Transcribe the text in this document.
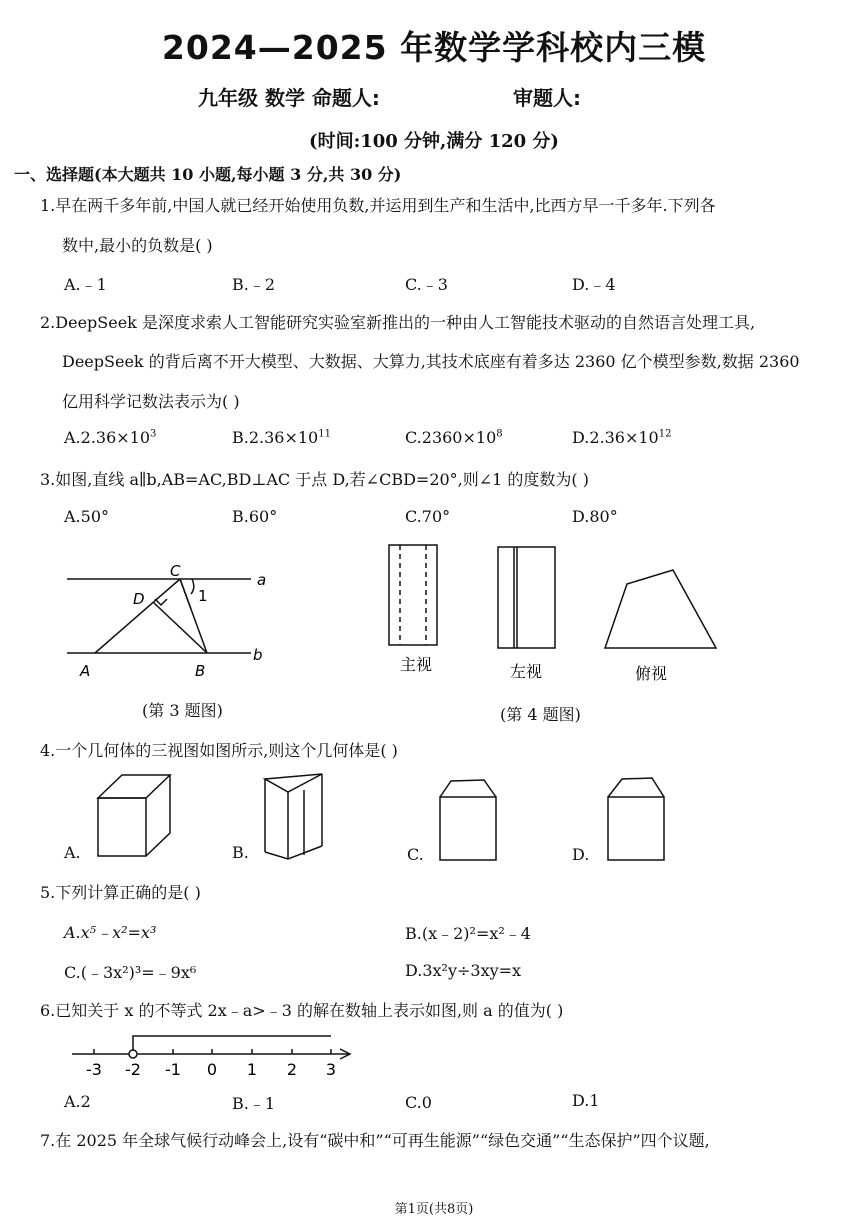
2024—2025 年数学学科校内三模
九年级 数学 命题人:	审题人:
(时间:100 分钟,满分 120 分)
一、选择题(本大题共 10 小题,每小题 3 分,共 30 分)
1.早在两千多年前,中国人就已经开始使用负数,并运用到生产和生活中,比西方早一千多年.下列各
数中,最小的负数是( )
A.﹣1	B.﹣2	C.﹣3	D.﹣4
2.DeepSeek 是深度求索人工智能研究实验室新推出的一种由人工智能技术驱动的自然语言处理工具,
DeepSeek 的背后离不开大模型、大数据、大算力,其技术底座有着多达 2360 亿个模型参数,数据 2360
亿用科学记数法表示为( )
$A.2.36\times 10^3$	$B.2.36\times 10^{11}$	$C.2360\times 10^8$	$D.2.36\times 10^{12}$
3.如图,直线 a∥b,AB=AC,BD⊥AC 于点 D,若∠CBD=20°,则∠1 的度数为( )
A.50°	B.60°	C.70°	D.80°
C
D
a
1
A	B
b
(第 3 题图)
主视	左视	俯视
(第 4 题图)
4.一个几何体的三视图如图所示,则这个几何体是( )
A.	B.	C.	D.
5.下列计算正确的是( )
A.x⁵﹣x²=x³	B.(x﹣2)²=x²﹣4
C.(﹣3x²)³=﹣9x⁶	D.3x²y÷3xy=x
6.已知关于 x 的不等式 2x﹣a>﹣3 的解在数轴上表示如图,则 a 的值为( )
-3 -2 -1 0 1 2 3
A.2	B.﹣1	C.0	D.1
7.在 2025 年全球气候行动峰会上,设有“碳中和”“可再生能源”“绿色交通”“生态保护”四个议题,
第1页(共8页)
